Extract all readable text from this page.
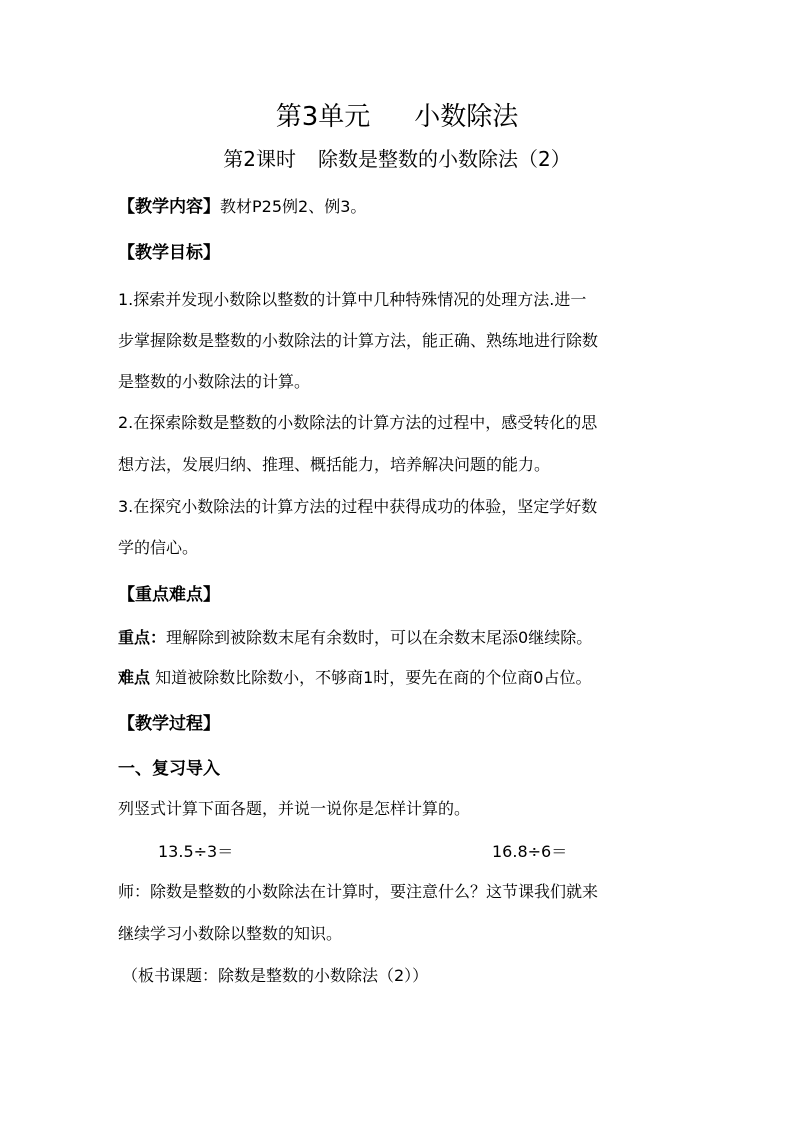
第3单元 小数除法
第2课时 除数是整数的小数除法（2）
【教学内容】教材P25例2、例3。
【教学目标】
1.探索并发现小数除以整数的计算中几种特殊情况的处理方法.进一
步掌握除数是整数的小数除法的计算方法，能正确、熟练地进行除数
是整数的小数除法的计算。
2.在探索除数是整数的小数除法的计算方法的过程中，感受转化的思
想方法，发展归纳、推理、概括能力，培养解决问题的能力。
3.在探究小数除法的计算方法的过程中获得成功的体验，坚定学好数
学的信心。
【重点难点】
重点：理解除到被除数末尾有余数时，可以在余数末尾添0继续除。
难点 知道被除数比除数小，不够商1时，要先在商的个位商0占位。
【教学过程】
一、复习导入
列竖式计算下面各题，并说一说你是怎样计算的。
13.5÷3＝	16.8÷6＝
师：除数是整数的小数除法在计算时，要注意什么？这节课我们就来
继续学习小数除以整数的知识。
（板书课题：除数是整数的小数除法（2））
